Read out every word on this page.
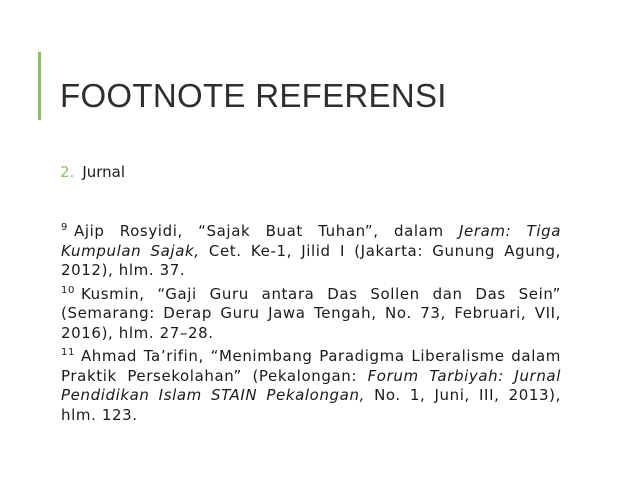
FOOTNOTE REFERENSI
2. Jurnal

$^9$ Ajip Rosyidi, “Sajak Buat Tuhan”, dalam Jeram: Tiga Kumpulan Sajak, Cet. Ke-1, Jilid I (Jakarta: Gunung Agung, 2012), hlm. 37.

$^{10}$ Kusmin, “Gaji Guru antara Das Sollen dan Das Sein” (Semarang: Derap Guru Jawa Tengah, No. 73, Februari, VII, 2016), hlm. 27–28.

$^{11}$ Ahmad Ta’rifin, “Menimbang Paradigma Liberalisme dalam Praktik Persekolahan” (Pekalongan: Forum Tarbiyah: Jurnal Pendidikan Islam STAIN Pekalongan, No. 1, Juni, III, 2013), hlm. 123.
